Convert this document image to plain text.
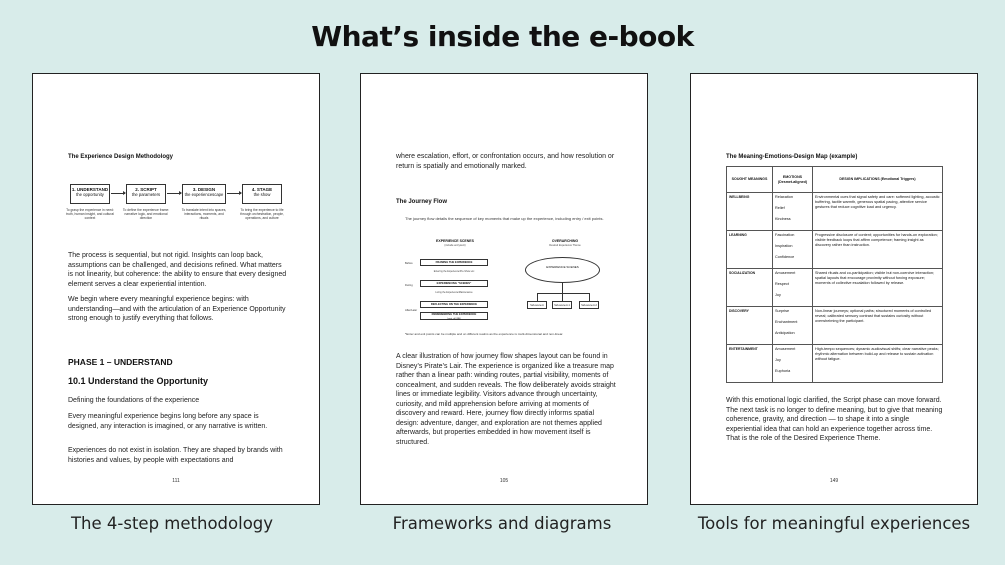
What’s inside the e-book
The Experience Design Methodology
1. UNDERSTAND
the opportunity
2. SCRIPT
the parameters
3. DESIGN
the experiencescape
4. STAGE
the show
To grasp the experience in need: truth, human insight, and cultural context
To define the experience frame: narrative logic, and emotional direction
To translate intent into spaces, interactions, moments, and rituals
To bring the experience to life through orchestration, people, operations, and culture
The process is sequential, but not rigid. Insights can loop back, assumptions can be challenged, and decisions refined. What matters is not linearity, but coherence: the ability to ensure that every designed element serves a clear experiential intention.
We begin where every meaningful experience begins: with understanding—and with the articulation of an Experience Opportunity strong enough to justify everything that follows.
PHASE 1 – UNDERSTAND
10.1 Understand the Opportunity
Defining the foundations of the experience
Every meaningful experience begins long before any space is designed, any interaction is imagined, or any narrative is written.
Experiences do not exist in isolation. They are shaped by brands with histories and values, by people with expectations and
111
where escalation, effort, or confrontation occurs, and how resolution or return is spatially and emotionally marked.
The Journey Flow
The journey flow details the sequence of key moments that make up the experience, including entry / exit points.
EXPERIENCE SCENES
(include entry/exit)
OVERARCHING
Desired Experience Theme
Before
During
After/Later
FRAMING THE EXPERIENCE
Entering the Experience/Pre-Show etc
EXPERIENCING "SCENES"
Living the Experience/Maintenance
REFLECTING ON THE EXPERIENCE
REMEMBERING THE EXPERIENCE
(cont. of) (RE)
EXPERIENCE SCENES
Sub-scene A	Sub-scene A.1	Sub-scene A.2
*Enter and exit points can be multiple and on different realms as the experience is multi-dimensional and non-linear.
A clear illustration of how journey flow shapes layout can be found in Disney’s Pirate’s Lair. The experience is organized like a treasure map rather than a linear path: winding routes, partial visibility, moments of concealment, and sudden reveals. The flow deliberately avoids straight lines or immediate legibility. Visitors advance through uncertainty, curiosity, and mild apprehension before arriving at moments of discovery and reward. Here, journey flow directly informs spatial design: adventure, danger, and exploration are not themes applied afterwards, but properties embedded in how movement itself is structured.
105
The Meaning-Emotions-Design Map (example)
SOUGHT MEANINGS	EMOTIONS (Desmet-aligned)	DESIGN IMPLICATIONS (Emotional Triggers)
WELLBEING	Relaxation
Relief
Kindness	Environmental cues that signal safety and care: softened lighting, acoustic buffering, tactile warmth, generous spatial pacing, attentive service gestures that reduce cognitive load and urgency.
LEARNING	Fascination
Inspiration
Confidence	Progressive disclosure of content; opportunities for hands-on exploration; visible feedback loops that affirm competence; framing insight as discovery rather than instruction.
SOCIALIZATION	Amusement
Respect
Joy	Shared rituals and co-participation; visible but non-coercive interaction; spatial layouts that encourage proximity without forcing exposure; moments of collective escalation followed by release.
DISCOVERY	Surprise
Enchantment
Anticipation	Non-linear journeys; optional paths; structured moments of controlled reveal; calibrated sensory contrast that sustains curiosity without overwhelming the participant.
ENTERTAINMENT	Amusement
Joy
Euphoria	High-tempo sequences; dynamic audiovisual shifts; clear narrative peaks; rhythmic alternation between build-up and release to sustain activation without fatigue.
With this emotional logic clarified, the Script phase can move forward. The next task is no longer to define meaning, but to give that meaning coherence, gravity, and direction — to shape it into a single experiential idea that can hold an experience together across time. That is the role of the Desired Experience Theme.
149
The 4-step methodology	Frameworks and diagrams	Tools for meaningful experiences
